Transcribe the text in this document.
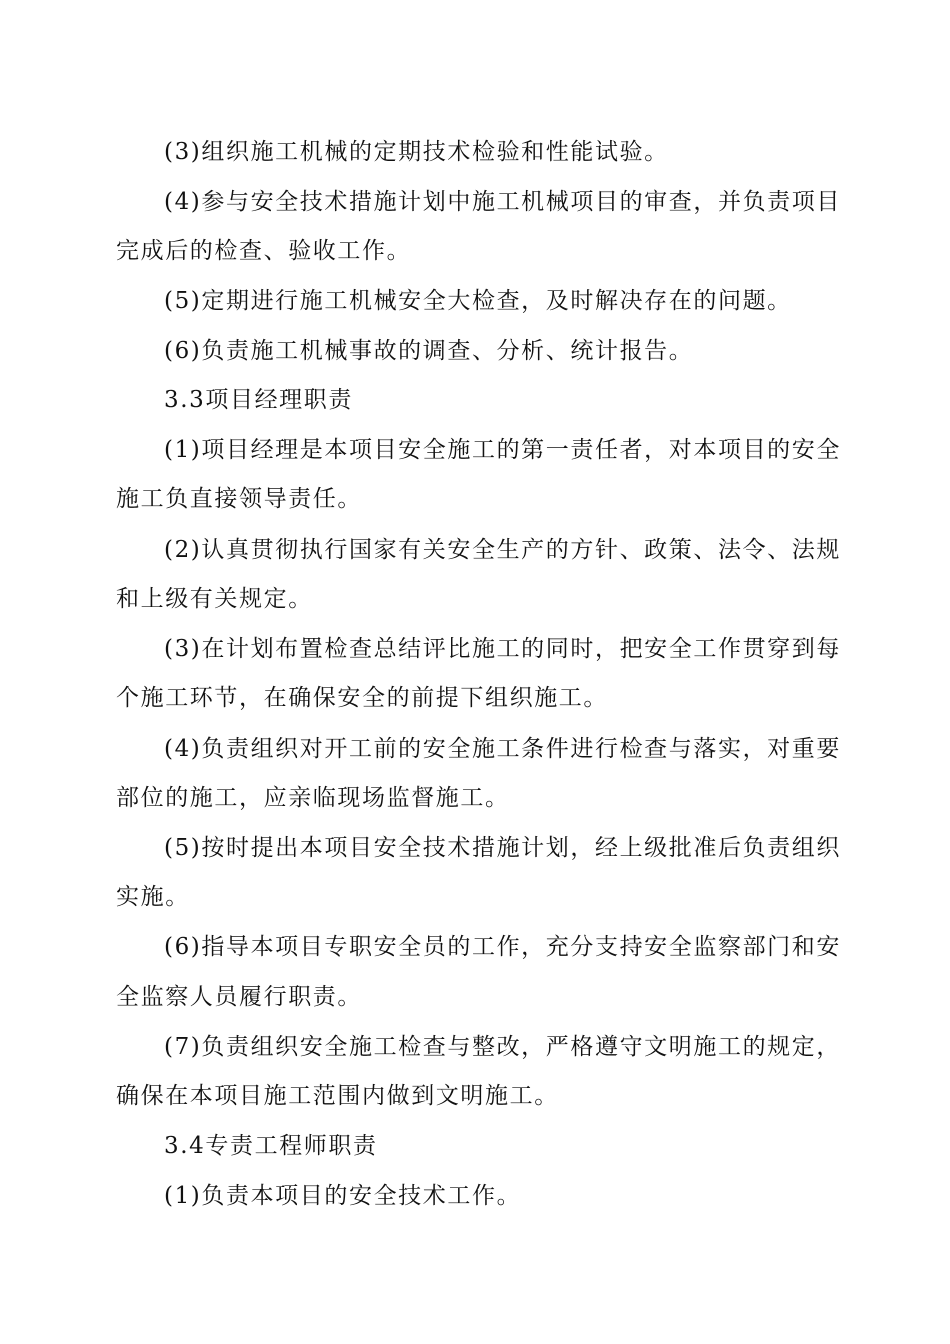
(3)组织施工机械的定期技术检验和性能试验。
(4)参与安全技术措施计划中施工机械项目的审查，并负责项目
完成后的检查、验收工作。
(5)定期进行施工机械安全大检查，及时解决存在的问题。
(6)负责施工机械事故的调查、分析、统计报告。
3.3项目经理职责
(1)项目经理是本项目安全施工的第一责任者，对本项目的安全
施工负直接领导责任。
(2)认真贯彻执行国家有关安全生产的方针、政策、法令、法规
和上级有关规定。
(3)在计划布置检查总结评比施工的同时，把安全工作贯穿到每
个施工环节，在确保安全的前提下组织施工。
(4)负责组织对开工前的安全施工条件进行检查与落实，对重要
部位的施工，应亲临现场监督施工。
(5)按时提出本项目安全技术措施计划，经上级批准后负责组织
实施。
(6)指导本项目专职安全员的工作，充分支持安全监察部门和安
全监察人员履行职责。
(7)负责组织安全施工检查与整改，严格遵守文明施工的规定，
确保在本项目施工范围内做到文明施工。
3.4专责工程师职责
(1)负责本项目的安全技术工作。
